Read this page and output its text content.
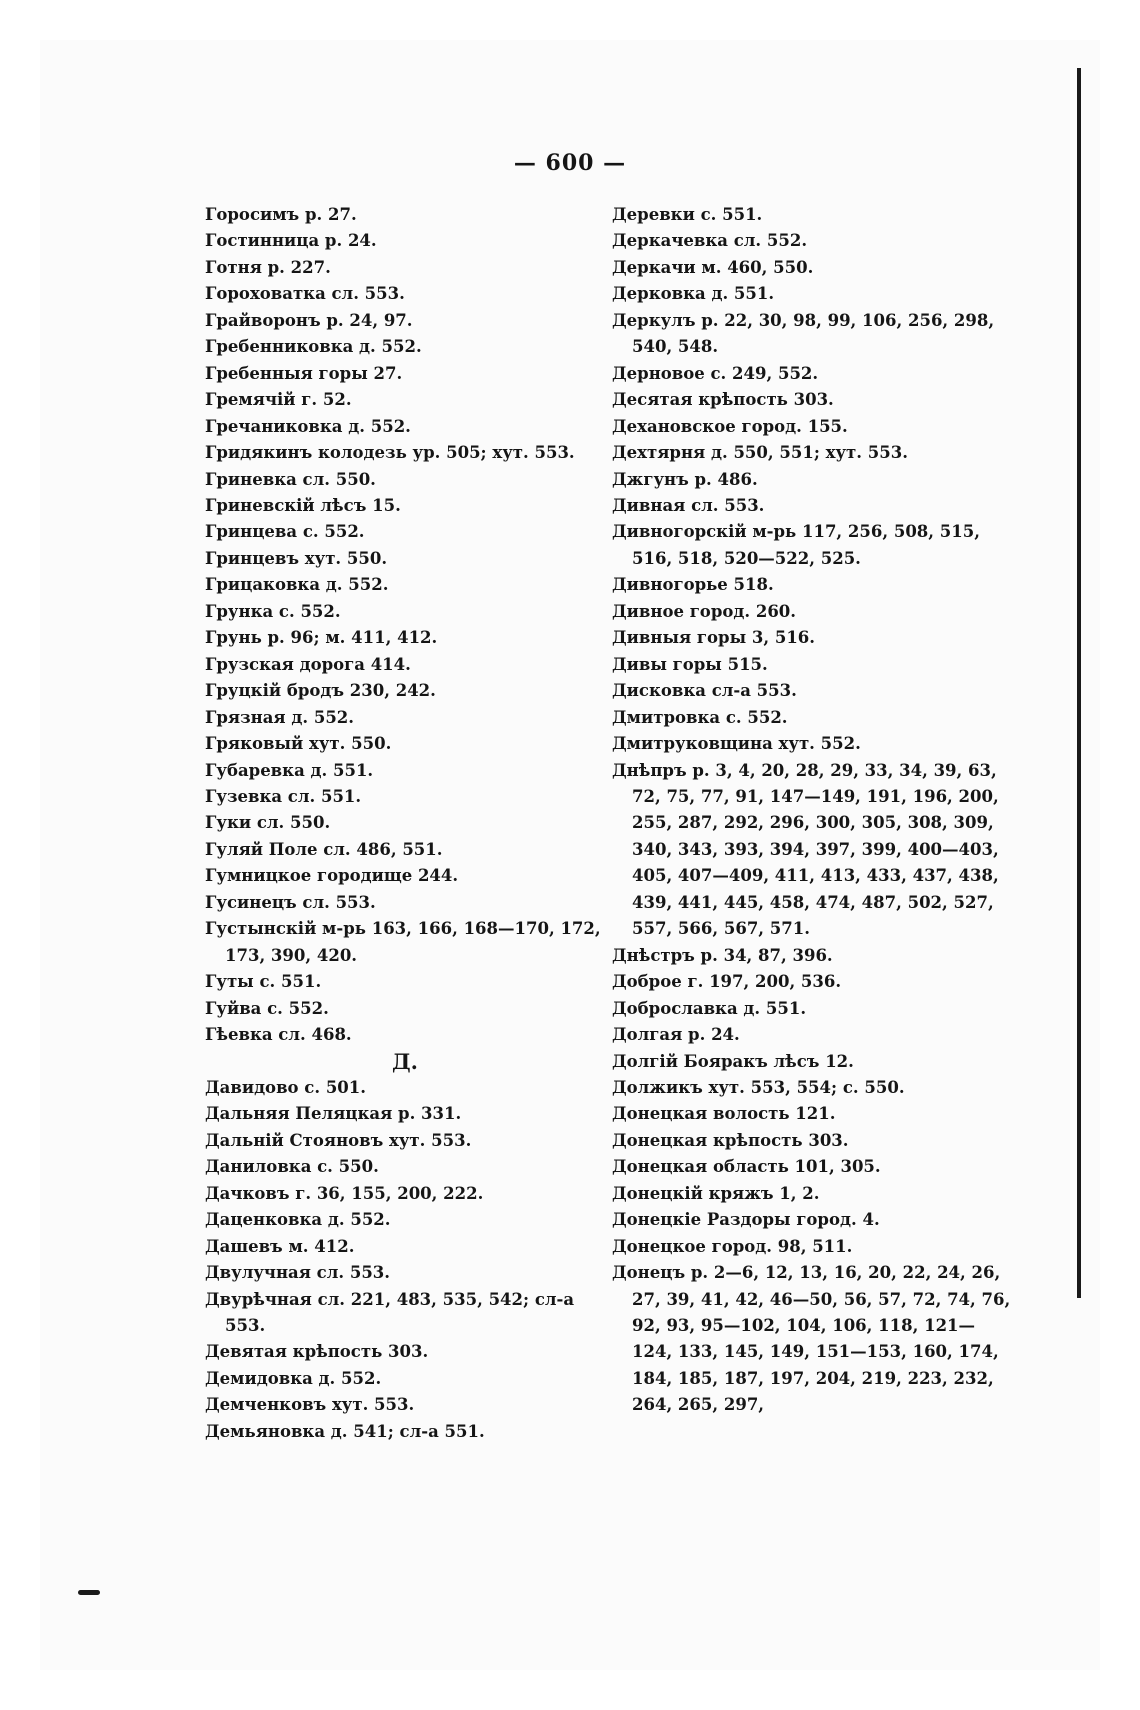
— 600 —
Горосимъ р. 27.
Гостинница р. 24.
Готня р. 227.
Гороховатка сл. 553.
Грайворонъ р. 24, 97.
Гребенниковка д. 552.
Гребенныя горы 27.
Гремячій г. 52.
Гречаниковка д. 552.
Гридякинъ колодезь ур. 505; хут. 553.
Гриневка сл. 550.
Гриневскій лѣсъ 15.
Гринцева с. 552.
Гринцевъ хут. 550.
Грицаковка д. 552.
Грунка с. 552.
Грунь р. 96; м. 411, 412.
Грузская дорога 414.
Груцкій бродъ 230, 242.
Грязная д. 552.
Гряковый хут. 550.
Губаревка д. 551.
Гузевка сл. 551.
Гуки сл. 550.
Гуляй Поле сл. 486, 551.
Гумницкое городище 244.
Гусинецъ сл. 553.
Густынскій м-рь 163, 166, 168—170, 172, 173, 390, 420.
Гуты с. 551.
Гуйва с. 552.
Гѣевка сл. 468.
Д.
Давидово с. 501.
Дальняя Пеляцкая р. 331.
Дальній Стояновъ хут. 553.
Даниловка с. 550.
Дачковъ г. 36, 155, 200, 222.
Даценковка д. 552.
Дашевъ м. 412.
Двулучная сл. 553.
Двурѣчная сл. 221, 483, 535, 542; сл-а 553.
Девятая крѣпость 303.
Демидовка д. 552.
Демченковъ хут. 553.
Демьяновка д. 541; сл-а 551.
Деревки с. 551.
Деркачевка сл. 552.
Деркачи м. 460, 550.
Дерковка д. 551.
Деркулъ р. 22, 30, 98, 99, 106, 256, 298, 540, 548.
Дерновое с. 249, 552.
Десятая крѣпость 303.
Дехановское город. 155.
Дехтярня д. 550, 551; хут. 553.
Джгунъ р. 486.
Дивная сл. 553.
Дивногорскій м-рь 117, 256, 508, 515, 516, 518, 520—522, 525.
Дивногорье 518.
Дивное город. 260.
Дивныя горы 3, 516.
Дивы горы 515.
Дисковка сл-а 553.
Дмитровка с. 552.
Дмитруковщина хут. 552.
Днѣпръ р. 3, 4, 20, 28, 29, 33, 34, 39, 63, 72, 75, 77, 91, 147—149, 191, 196, 200, 255, 287, 292, 296, 300, 305, 308, 309, 340, 343, 393, 394, 397, 399, 400—403, 405, 407—409, 411, 413, 433, 437, 438, 439, 441, 445, 458, 474, 487, 502, 527, 557, 566, 567, 571.
Днѣстръ р. 34, 87, 396.
Доброе г. 197, 200, 536.
Доброславка д. 551.
Долгая р. 24.
Долгій Бояракъ лѣсъ 12.
Должикъ хут. 553, 554; с. 550.
Донецкая волость 121.
Донецкая крѣпость 303.
Донецкая область 101, 305.
Донецкій кряжъ 1, 2.
Донецкіе Раздоры город. 4.
Донецкое город. 98, 511.
Донецъ р. 2—6, 12, 13, 16, 20, 22, 24, 26, 27, 39, 41, 42, 46—50, 56, 57, 72, 74, 76, 92, 93, 95—102, 104, 106, 118, 121—124, 133, 145, 149, 151—153, 160, 174, 184, 185, 187, 197, 204, 219, 223, 232, 264, 265, 297,
